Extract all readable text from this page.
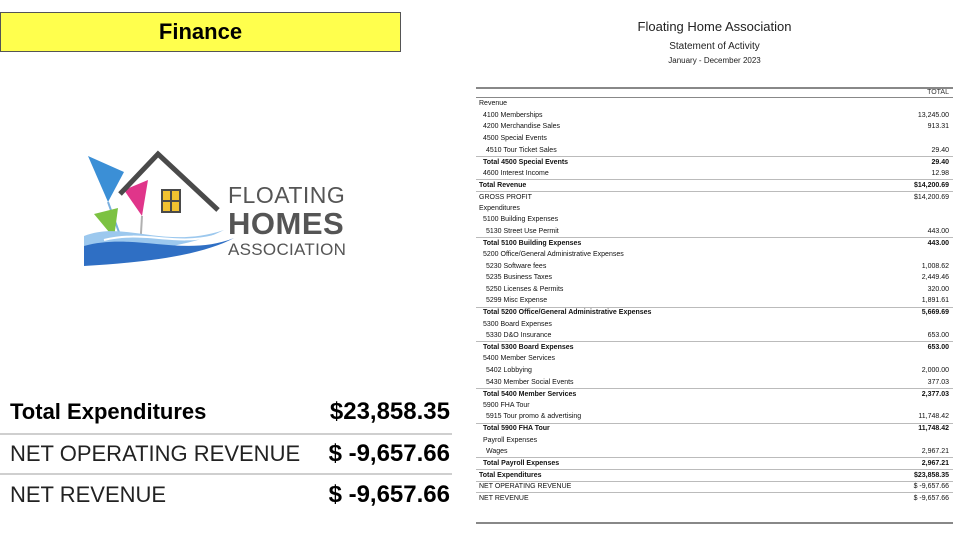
Finance
FLOATING
HOMES
ASSOCIATION
Total Expenditures	$23,858.35
NET OPERATING REVENUE $ -9,657.66
NET REVENUE	$ -9,657.66
Floating Home Association
Statement of Activity
January - December 2023
TOTAL
Revenue
4100 Memberships	13,245.00
4200 Merchandise Sales	913.31
4500 Special Events
4510 Tour Ticket Sales	29.40
Total 4500 Special Events	29.40
4600 Interest Income	12.98
Total Revenue	$14,200.69
GROSS PROFIT	$14,200.69
Expenditures
5100 Building Expenses
5130 Street Use Permit	443.00
Total 5100 Building Expenses	443.00
5200 Office/General Administrative Expenses
5230 Software fees	1,008.62
5235 Business Taxes	2,449.46
5250 Licenses & Permits	320.00
5299 Misc Expense	1,891.61
Total 5200 Office/General Administrative Expenses	5,669.69
5300 Board Expenses
5330 D&O Insurance	653.00
Total 5300 Board Expenses	653.00
5400 Member Services
5402 Lobbying	2,000.00
5430 Member Social Events	377.03
Total 5400 Member Services	2,377.03
5900 FHA Tour
5915 Tour promo & advertising	11,748.42
Total 5900 FHA Tour	11,748.42
Payroll Expenses
Wages	2,967.21
Total Payroll Expenses	2,967.21
Total Expenditures	$23,858.35
NET OPERATING REVENUE	$ -9,657.66
NET REVENUE	$ -9,657.66
